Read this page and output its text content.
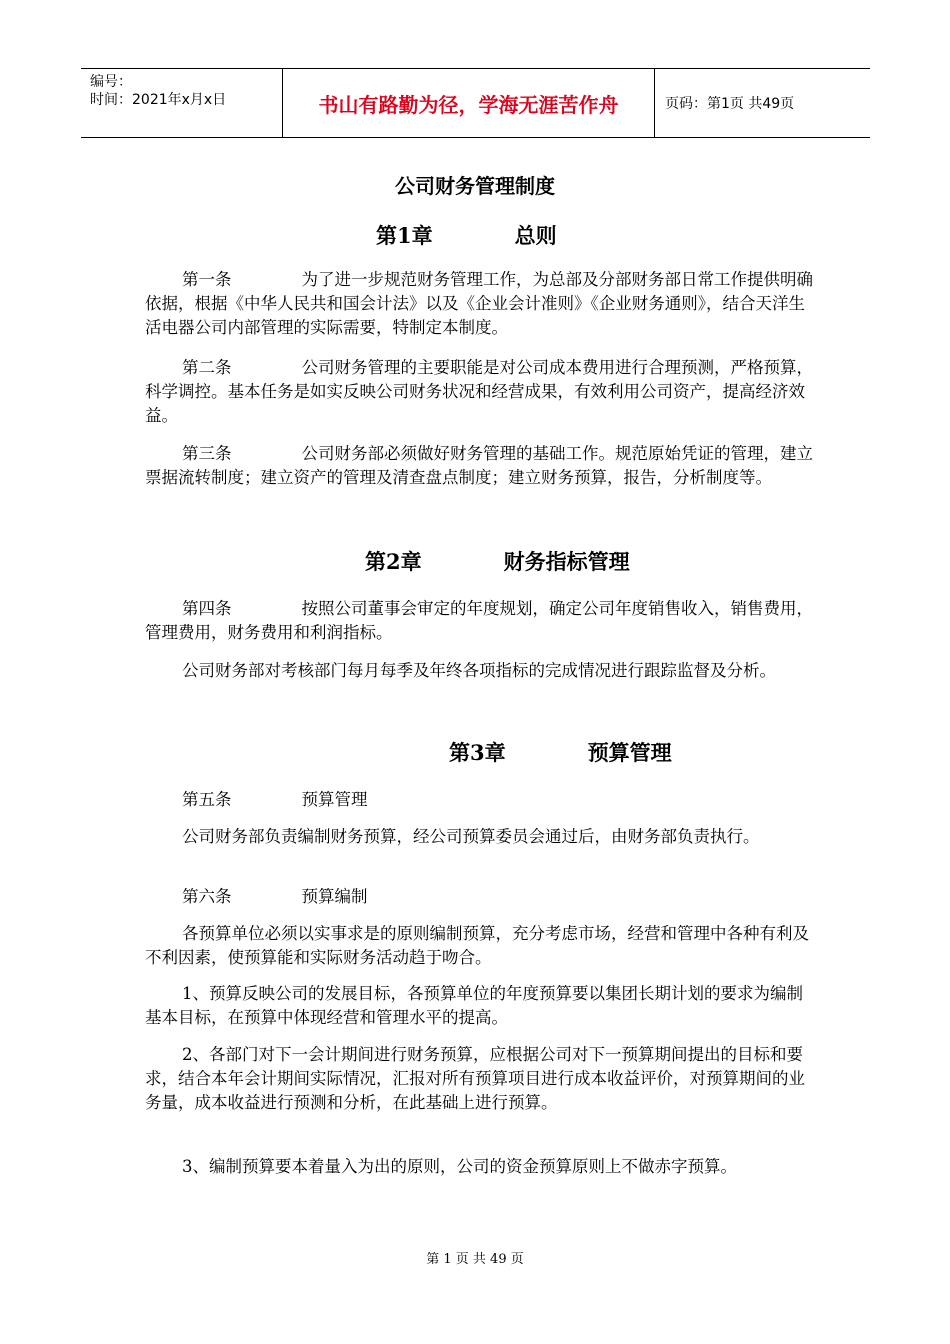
编号：
时间：2021年x月x日	书山有路勤为径，学海无涯苦作舟	页码：第1页 共49页
公司财务管理制度
第1章	总则
第一条	为了进一步规范财务管理工作，为总部及分部财务部日常工作提供明确依据，根据《中华人民共和国会计法》以及《企业会计准则》《企业财务通则》，结合天洋生活电器公司内部管理的实际需要，特制定本制度。
第二条	公司财务管理的主要职能是对公司成本费用进行合理预测，严格预算，科学调控。基本任务是如实反映公司财务状况和经营成果，有效利用公司资产，提高经济效益。
第三条	公司财务部必须做好财务管理的基础工作。规范原始凭证的管理，建立票据流转制度；建立资产的管理及清查盘点制度；建立财务预算，报告，分析制度等。
第2章	财务指标管理
第四条	按照公司董事会审定的年度规划，确定公司年度销售收入，销售费用，管理费用，财务费用和利润指标。
公司财务部对考核部门每月每季及年终各项指标的完成情况进行跟踪监督及分析。
第3章	预算管理
第五条	预算管理
公司财务部负责编制财务预算，经公司预算委员会通过后，由财务部负责执行。
第六条	预算编制
各预算单位必须以实事求是的原则编制预算，充分考虑市场，经营和管理中各种有利及不利因素，使预算能和实际财务活动趋于吻合。
1、预算反映公司的发展目标，各预算单位的年度预算要以集团长期计划的要求为编制基本目标，在预算中体现经营和管理水平的提高。
2、各部门对下一会计期间进行财务预算，应根据公司对下一预算期间提出的目标和要求，结合本年会计期间实际情况，汇报对所有预算项目进行成本收益评价，对预算期间的业务量，成本收益进行预测和分析，在此基础上进行预算。
3、编制预算要本着量入为出的原则，公司的资金预算原则上不做赤字预算。
第 1 页 共 49 页
